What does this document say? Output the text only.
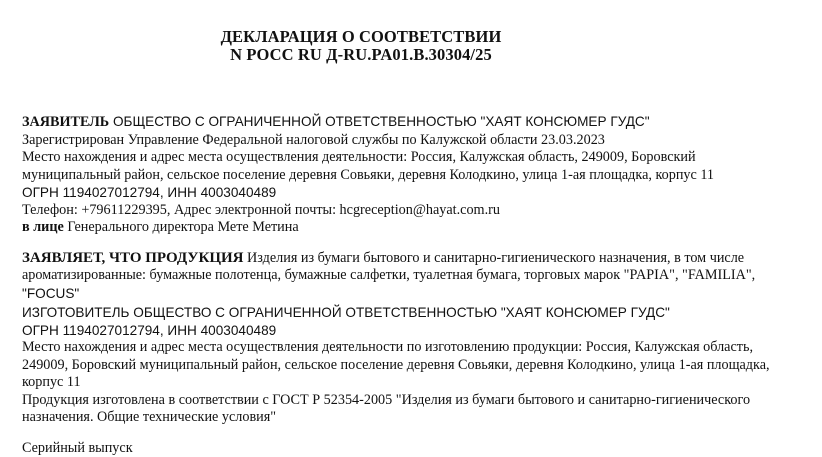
ДЕКЛАРАЦИЯ О СООТВЕТСТВИИ
N РОСС RU Д-RU.PA01.B.30304/25

ЗАЯВИТЕЛЬ ОБЩЕСТВО С ОГРАНИЧЕННОЙ ОТВЕТСТВЕННОСТЬЮ "ХАЯТ КОНСЮМЕР ГУДС"

Зарегистрирован Управление Федеральной налоговой службы по Калужской области 23.03.2023

Место нахождения и адрес места осуществления деятельности: Россия, Калужская область, 249009, Боровский

муниципальный район, сельское поселение деревня Совьяки, деревня Колодкино, улица 1-ая площадка, корпус 11

ОГРН 1194027012794, ИНН 4003040489

Телефон: +79611229395, Адрес электронной почты: hcgreception@hayat.com.ru

в лице Генерального директора Мете Метина

ЗАЯВЛЯЕТ, ЧТО ПРОДУКЦИЯ Изделия из бумаги бытового и санитарно-гигиенического назначения, в том числе

ароматизированные: бумажные полотенца, бумажные салфетки, туалетная бумага, торговых марок "PAPIA", "FAMILIA",

"FOCUS"

ИЗГОТОВИТЕЛЬ ОБЩЕСТВО С ОГРАНИЧЕННОЙ ОТВЕТСТВЕННОСТЬЮ "ХАЯТ КОНСЮМЕР ГУДС"

ОГРН 1194027012794, ИНН 4003040489

Место нахождения и адрес места осуществления деятельности по изготовлению продукции: Россия, Калужская область,

249009, Боровский муниципальный район, сельское поселение деревня Совьяки, деревня Колодкино, улица 1-ая площадка,

корпус 11

Продукция изготовлена в соответствии с ГОСТ Р 52354-2005 "Изделия из бумаги бытового и санитарно-гигиенического

назначения. Общие технические условия"

Серийный выпуск
